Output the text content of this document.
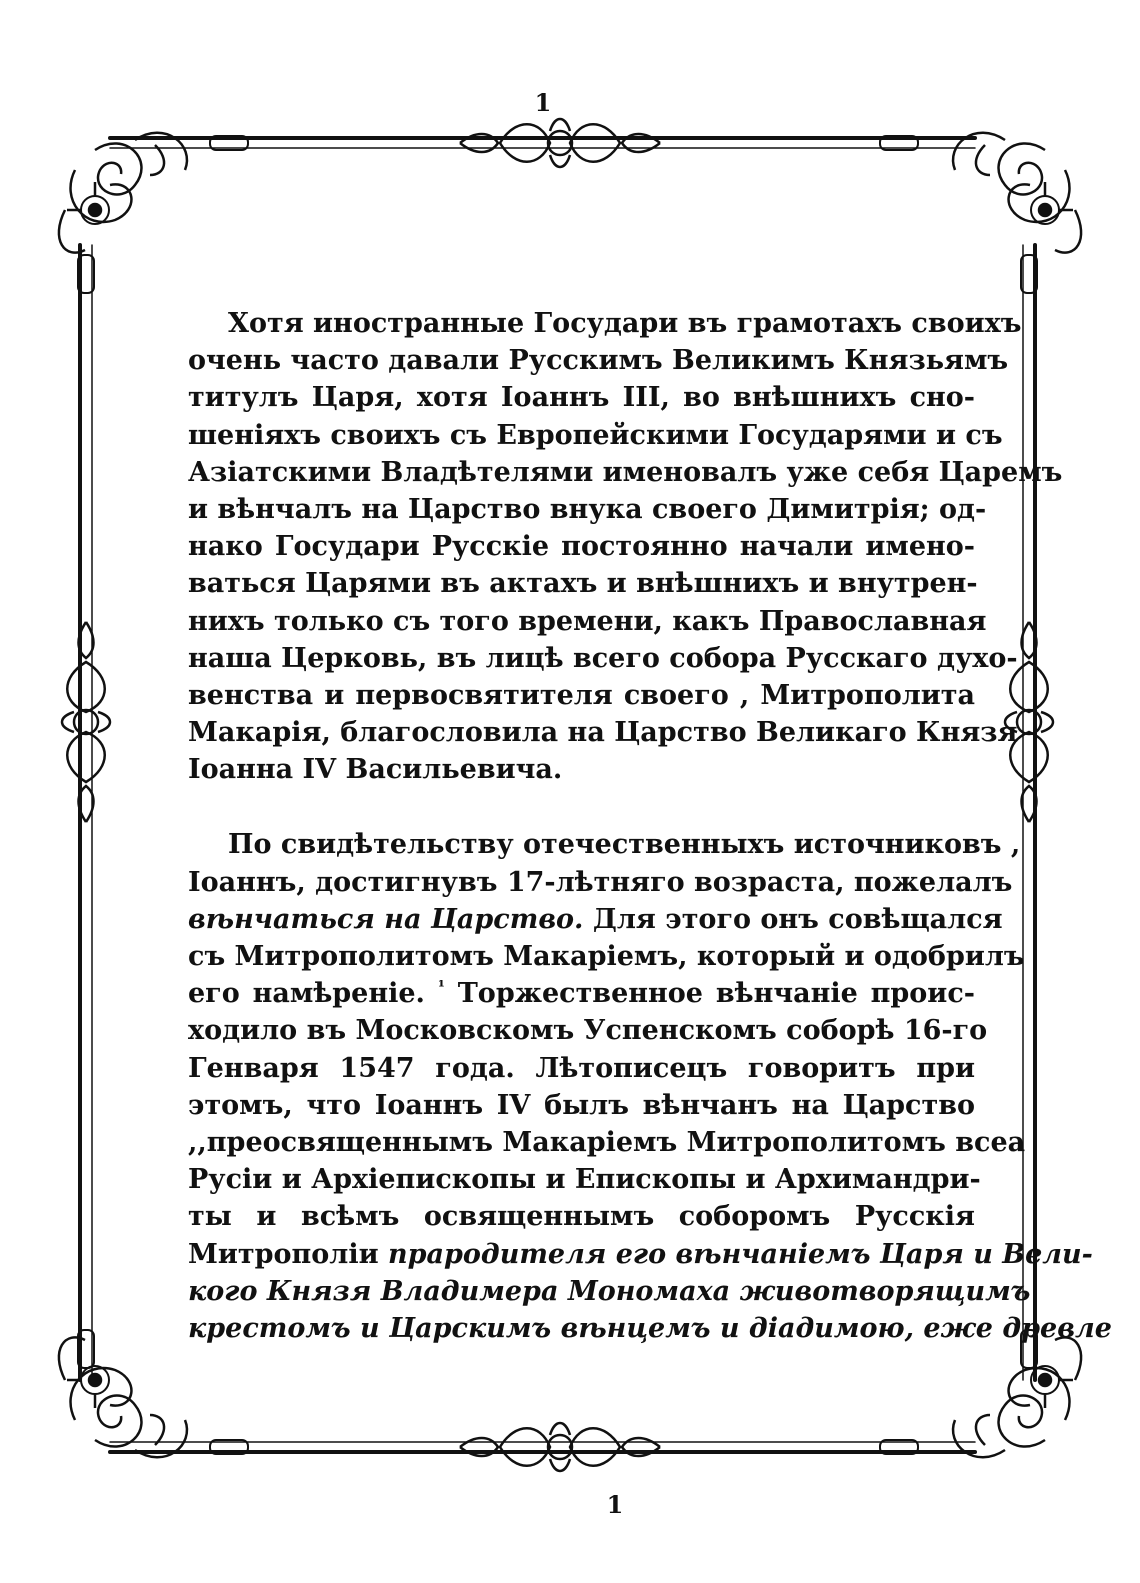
1
1
Хотя иностранные Государи въ грамотахъ своихъ
очень часто давали Русскимъ Великимъ Князьямъ
титулъ Царя, хотя Іоаннъ III, во внѣшнихъ сно-
шеніяхъ своихъ съ Европейскими Государями и съ
Азіатскими Владѣтелями именовалъ уже себя Царемъ
и вѣнчалъ на Царство внука своего Димитрія; од-
нако Государи Русскіе постоянно начали имено-
ваться Царями въ актахъ и внѣшнихъ и внутрен-
нихъ только съ того времени, какъ Православная
наша Церковь, въ лицѣ всего собора Русскаго духо-
венства и первосвятителя своего , Митрополита
Макарія, благословила на Царство Великаго Князя
Іоанна IV Васильевича.
По свидѣтельству отечественныхъ источниковъ ,
Іоаннъ, достигнувъ 17-лѣтняго возраста, пожелалъ
вѣнчаться на Царство. Для этого онъ совѣщался
съ Митрополитомъ Макаріемъ, который и одобрилъ
его намѣреніе. $^{^1}$ Торжественное вѣнчаніе проис-
ходило въ Московскомъ Успенскомъ соборѣ 16-го
Генваря 1547 года. Лѣтописецъ говоритъ при
этомъ, что Іоаннъ IV былъ вѣнчанъ на Царство
,,преосвященнымъ Макаріемъ Митрополитомъ всеа
Русіи и Архіепископы и Епископы и Архимандри-
ты и всѣмъ освященнымъ соборомъ Русскія
Митрополіи прародителя его вѣнчаніемъ Царя и Вели-
кого Князя Владимера Мономаха животворящимъ
крестомъ и Царскимъ вѣнцемъ и діадимою, еже древле
